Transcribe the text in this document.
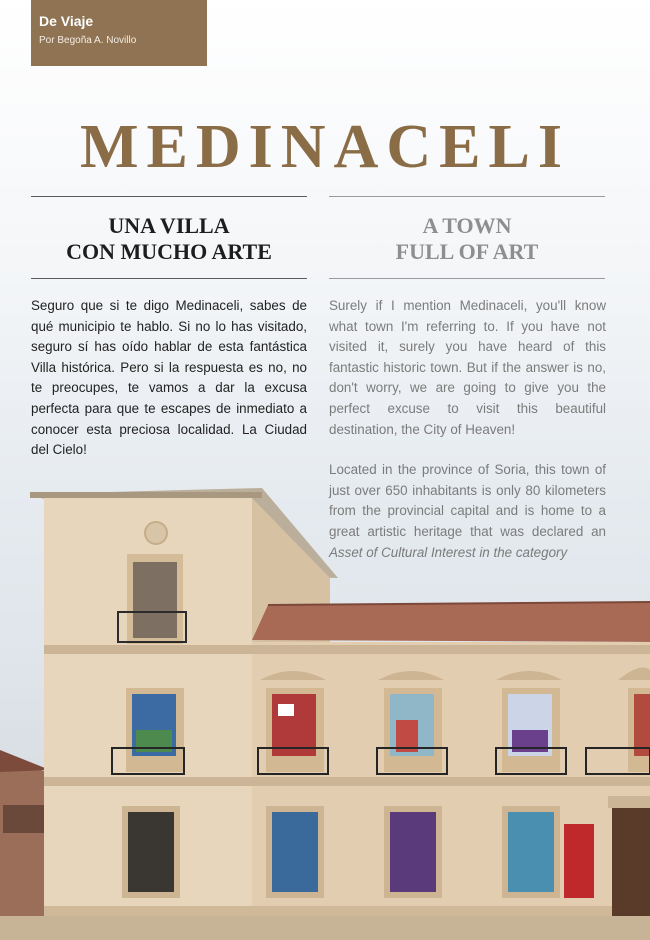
De Viaje
Por Begoña A. Novillo
MEDINACELI
UNA VILLA
CON MUCHO ARTE
A TOWN
FULL OF ART

Seguro que si te digo Medinaceli, sabes de qué municipio te hablo. Si no lo has visitado, seguro sí has oído hablar de esta fantástica Villa histórica. Pero si la respuesta es no, no te preocupes, te vamos a dar la excusa perfecta para que te escapes de inmediato a conocer esta preciosa localidad. La Ciudad del Cielo!

Surely if I mention Medinaceli, you'll know what town I'm referring to. If you have not visited it, surely you have heard of this fantastic historic town. But if the answer is no, don't worry, we are going to give you the perfect excuse to visit this beautiful destination, the City of Heaven!

Located in the province of Soria, this town of just over 650 inhabitants is only 80 kilometers from the provincial capital and is home to a great artistic heritage that was declared an Asset of Cultural Interest in the category
